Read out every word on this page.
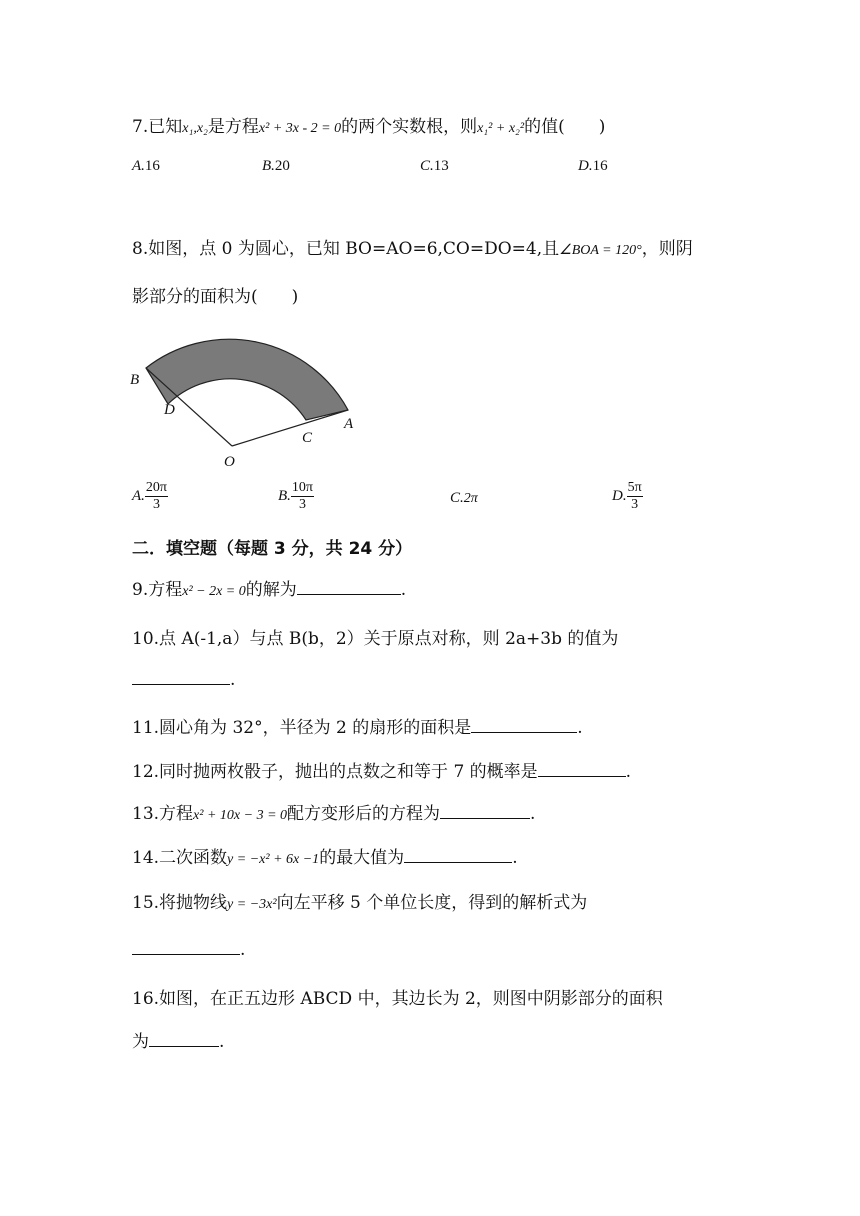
7.已知x₁,x₂是方程x² + 3x - 2 = 0的两个实数根，则x₁² + x₂²的值(　　)
A.16	B.20	C.13	D.16
8.如图，点 0 为圆心，已知 BO=AO=6,CO=DO=4,且∠BOA = 120°，则阴
影部分的面积为(　　)
B
D
C
A
O
A. $\frac{20\pi}{3}$	B. $\frac{10\pi}{3}$	C.2π	D. $\frac{5\pi}{3}$
二．填空题（每题 3 分，共 24 分）
9.方程x² − 2x = 0的解为	.
10.点 A(-1,a）与点 B(b，2）关于原点对称，则 2a+3b 的值为
.
11.圆心角为 32°，半径为 2 的扇形的面积是	.
12.同时抛两枚骰子，抛出的点数之和等于 7 的概率是	.
13.方程x² + 10x − 3 = 0配方变形后的方程为	.
14.二次函数y = −x² + 6x −1的最大值为	.
15.将抛物线y = −3x²向左平移 5 个单位长度，得到的解析式为
.
16.如图，在正五边形 ABCD 中，其边长为 2，则图中阴影部分的面积
为	.
